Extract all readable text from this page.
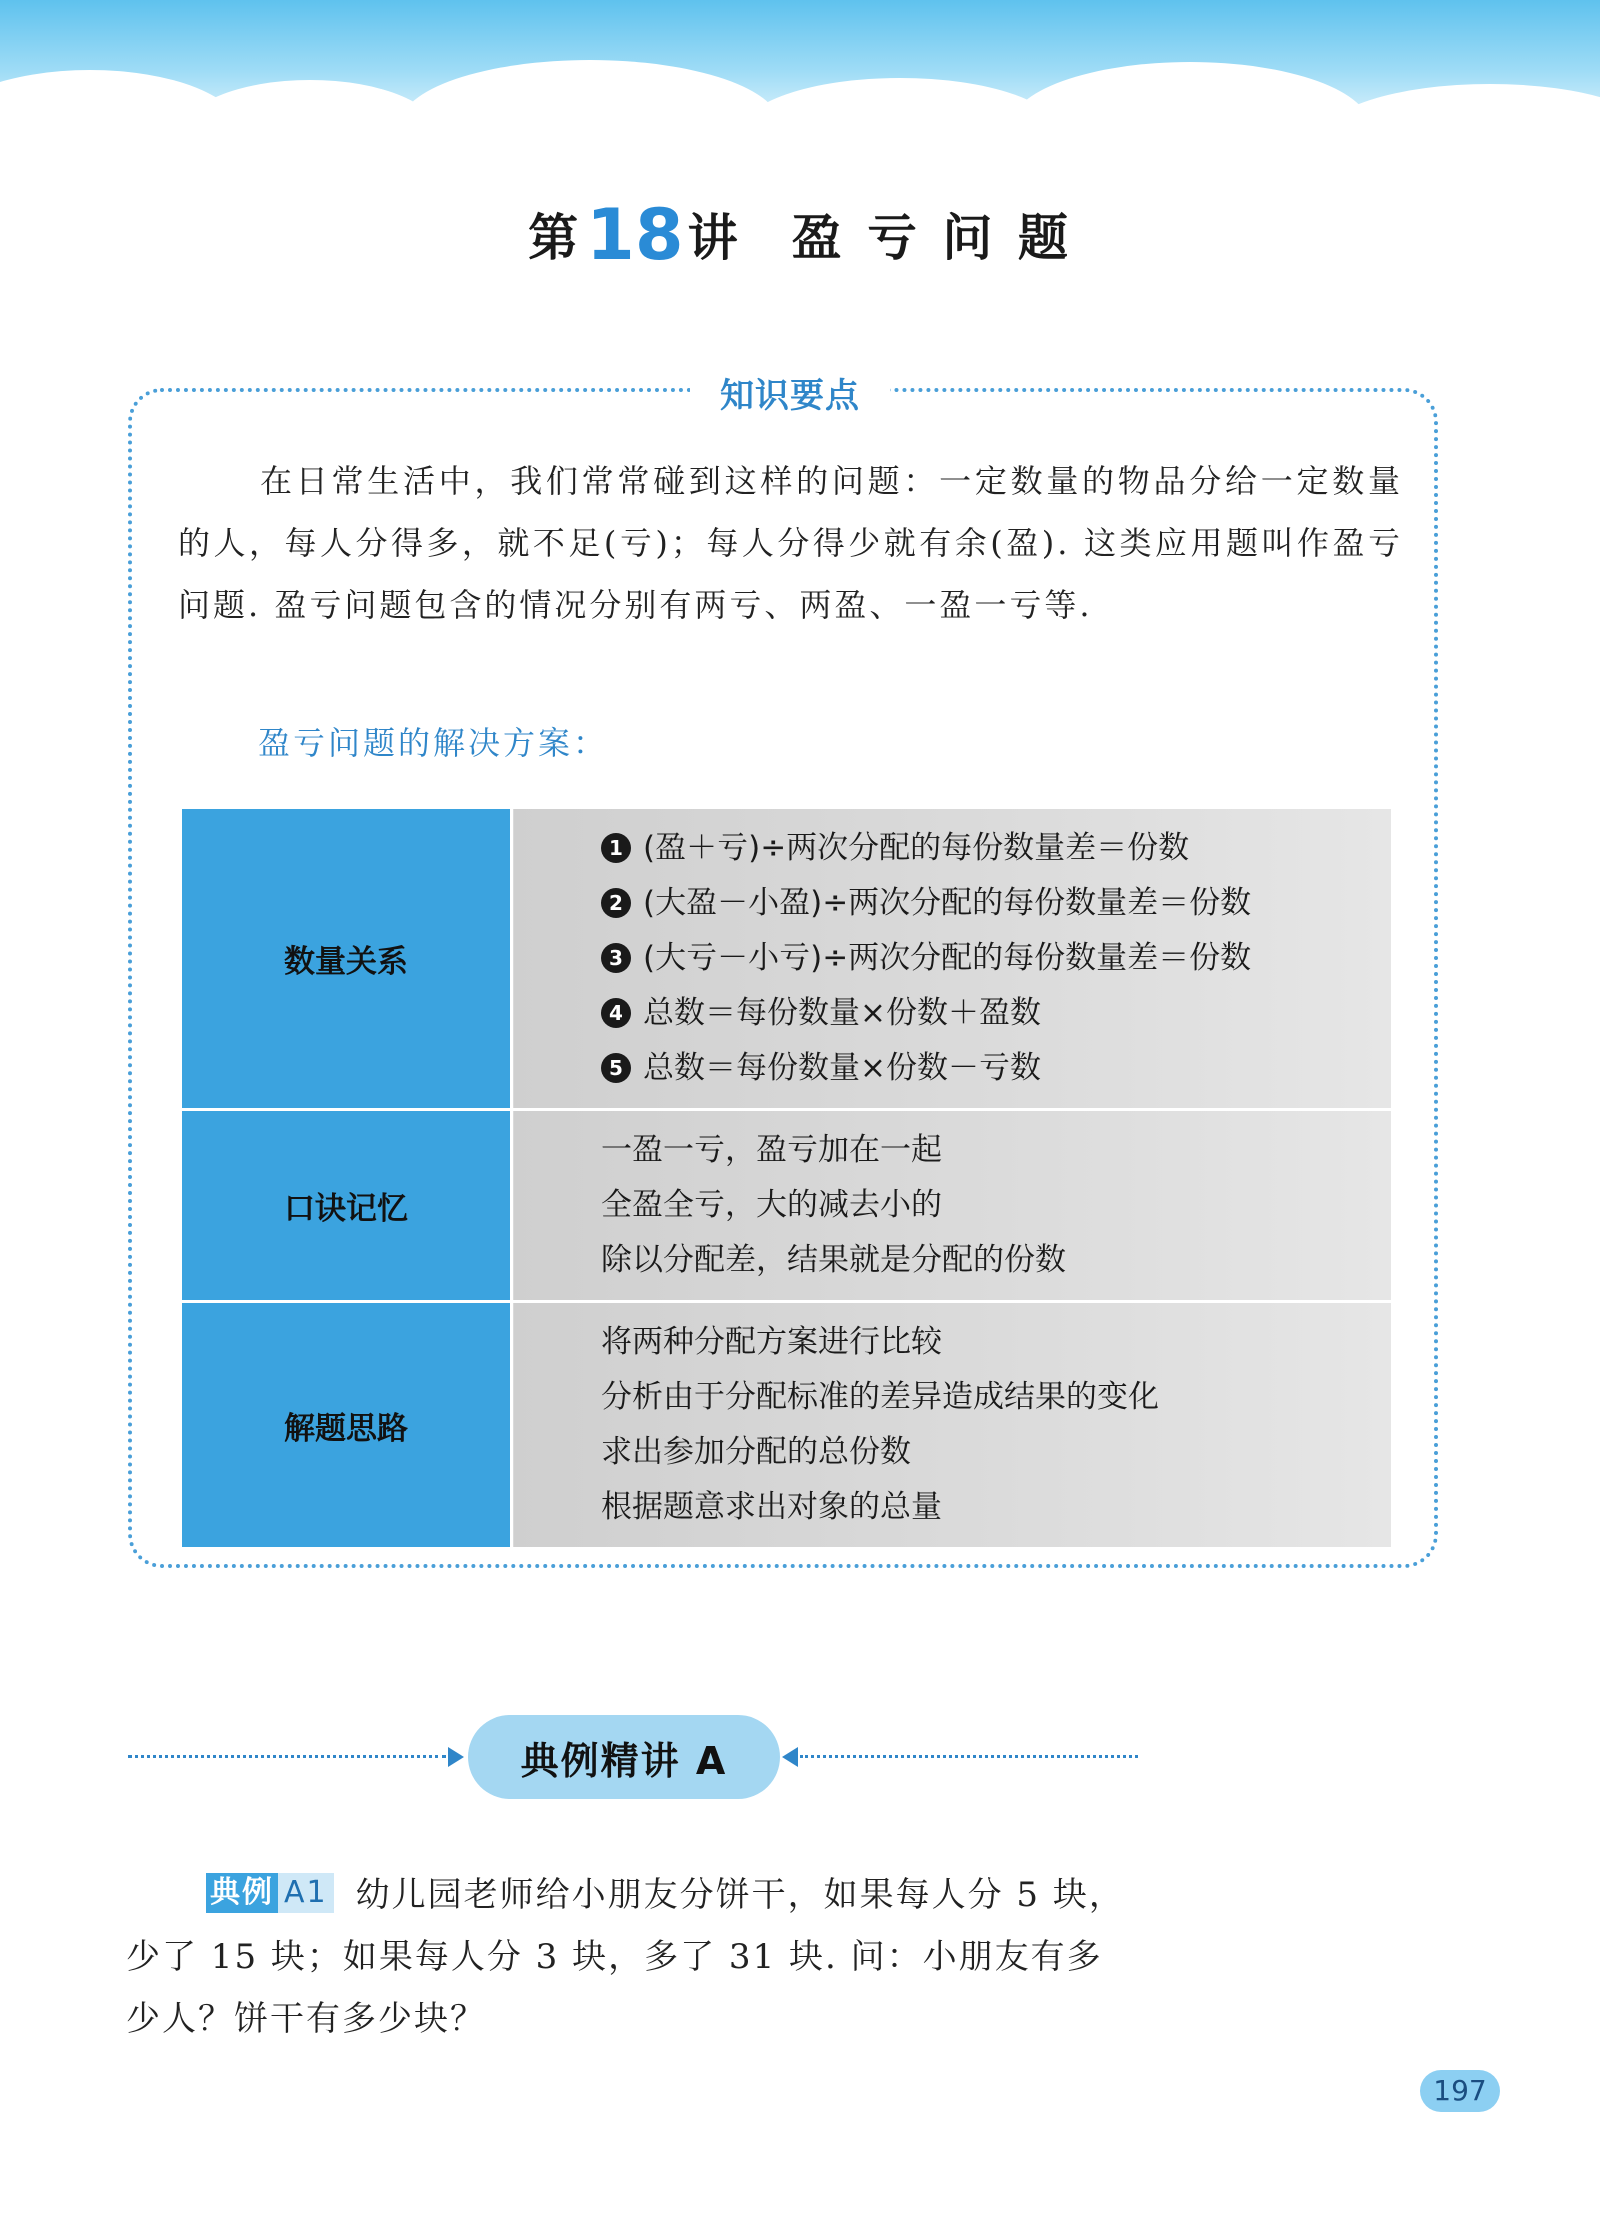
第18讲 盈 亏 问 题
知识要点
在日常生活中，我们常常碰到这样的问题：一定数量的物品分给一定数量的人，每人分得多，就不足(亏)；每人分得少就有余(盈). 这类应用题叫作盈亏问题. 盈亏问题包含的情况分别有两亏、两盈、一盈一亏等.
盈亏问题的解决方案：
数量关系	1 (盈＋亏)÷两次分配的每份数量差＝份数
2 (大盈－小盈)÷两次分配的每份数量差＝份数
3 (大亏－小亏)÷两次分配的每份数量差＝份数
4 总数＝每份数量×份数＋盈数
5 总数＝每份数量×份数－亏数

口诀记忆	一盈一亏，盈亏加在一起
全盈全亏，大的减去小的
除以分配差，结果就是分配的份数

解题思路	将两种分配方案进行比较
分析由于分配标准的差异造成结果的变化
求出参加分配的总份数
根据题意求出对象的总量
典例精讲 A
典例 A1 幼儿园老师给小朋友分饼干，如果每人分 5 块，少了 15 块；如果每人分 3 块，多了 31 块. 问：小朋友有多少人？饼干有多少块？
197
